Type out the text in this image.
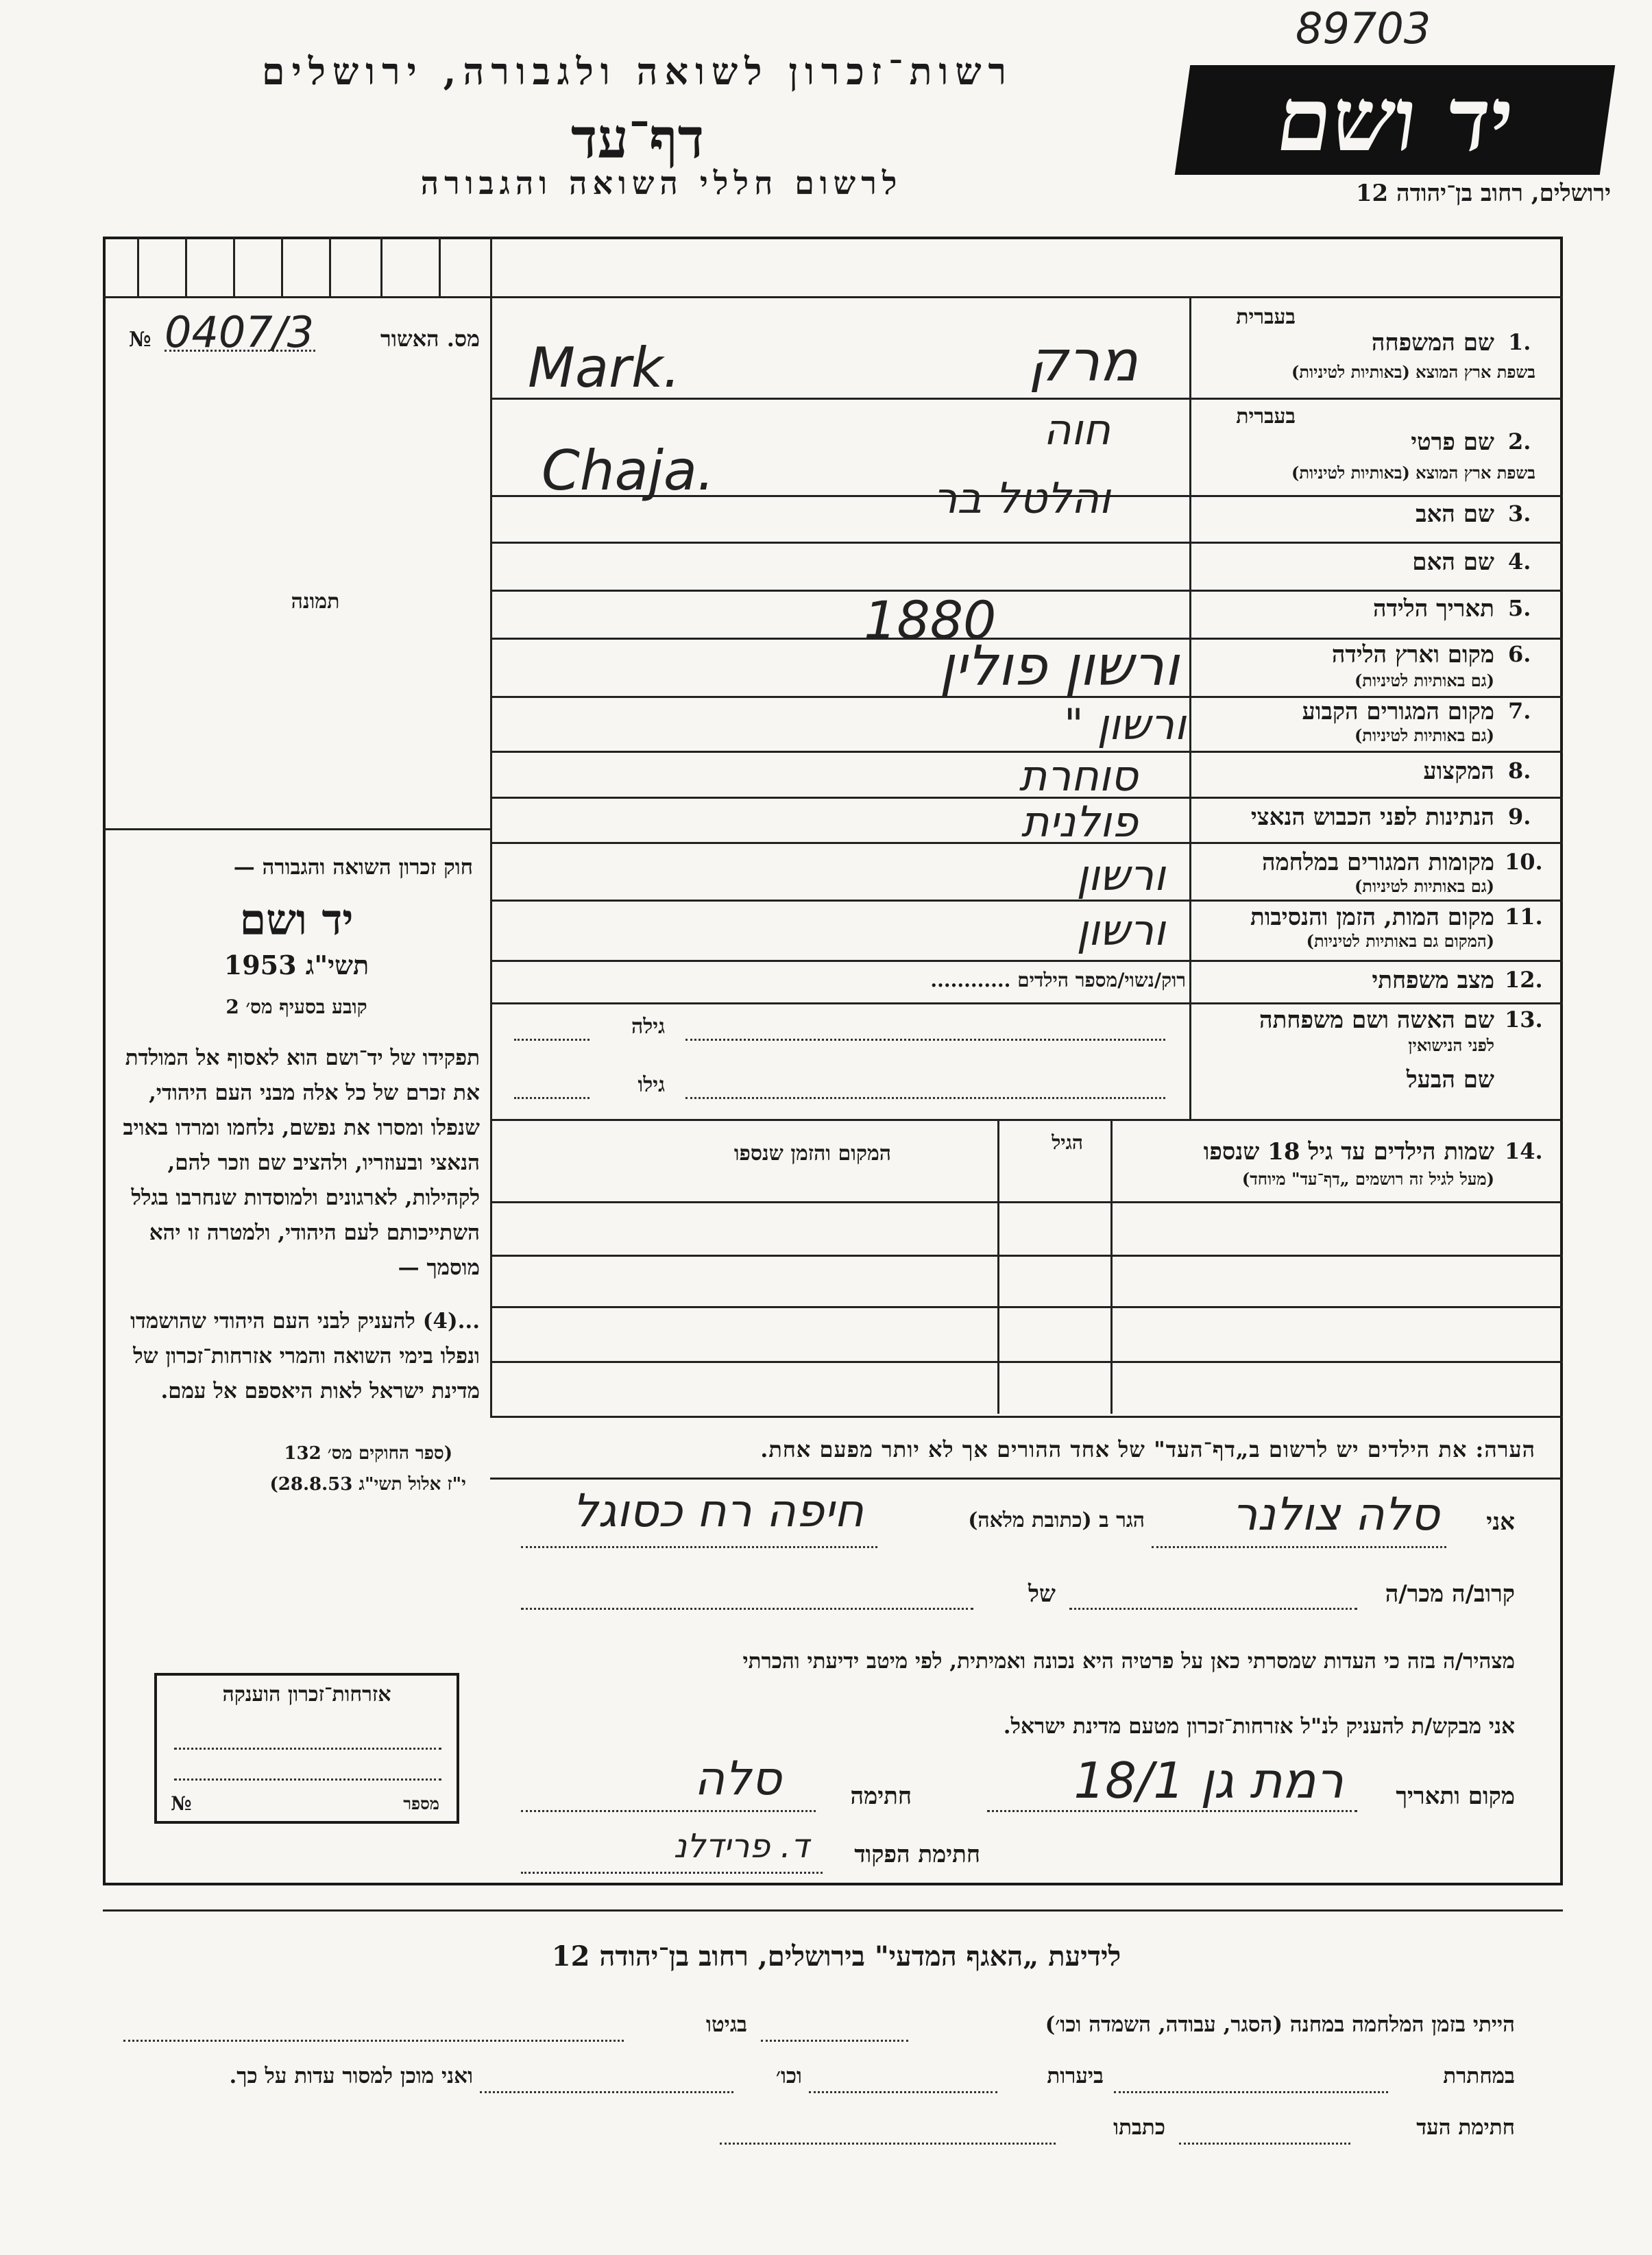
89703
רשות־זכרון לשואה ולגבורה, ירושלים
דף־עד
לרשום חללי השואה והגבורה
יד ושם
ירושלים, רחוב בן־יהודה 12
№ 0407/3	מס. האשור
תמונה
חוק זכרון השואה והגבורה —
יד ושם
תשי"ג 1953
קובע בסעיף מס׳ 2
תפקידו של יד־ושם הוא לאסוף אל המולדת את זכרם של כל אלה מבני העם היהודי, שנפלו ומסרו את נפשם, נלחמו ומרדו באויב הנאצי ובעוזריו, ולהציב שם וזכר להם, לקהילות, לארגונים ולמוסדות שנחרבו בגלל השתייכותם לעם היהודי, ולמטרה זו יהא מוסמך —
...(4) להעניק לבני העם היהודי שהושמדו ונפלו בימי השואה והמרי אזרחות־זכרון של מדינת ישראל לאות היאספם אל עמם.
(ספר החוקים מס׳ 132
י"ז אלול תשי"ג 28.8.53)
בעברית
שם המשפחה 1.
בשפת ארץ המוצא (באותיות לטיניות)
מרק
Mark.
בעברית
שם פרטי 2.
בשפת ארץ המוצא (באותיות לטיניות)
חוה
Chaja.
שם האב 3.
והלטל בר
שם האם 4.
תאריך הלידה 5.
1880
מקום וארץ הלידה 6.
(גם באותיות לטיניות)
ורשון פולין
מקום המגורים הקבוע 7.
(גם באותיות לטיניות)
ורשון "
המקצוע 8.
סוחרת
הנתינות לפני הכבוש הנאצי 9.
פולנית
מקומות המגורים במלחמה 10.
(גם באותיות לטיניות)
ורשון
מקום המות, הזמן והנסיבות 11.
(המקום גם באותיות לטיניות)
ורשון
מצב משפחתי 12.
רוק/נשוי/מספר הילדים ............
שם האשה ושם משפחתה 13.
לפני הנישואין
גילה
שם הבעל
גילו
שמות הילדים עד גיל 18 שנספו 14.
(מעל לגיל זה רושמים „דף־עד" מיוחד)
הגיל
המקום והזמן שנספו
הערה: את הילדים יש לרשום ב„דף־העד" של אחד ההורים אך לא יותר מפעם אחת.
אני
סלה צולנר
הגר ב (כתובת מלאה)
חיפה רח כסוגל
קרוב/ה מכר/ה
של
מצהיר/ה בזה כי העדות שמסרתי כאן על פרטיה היא נכונה ואמיתית, לפי מיטב ידיעתי והכרתי
אני מבקש/ת להעניק לנ"ל אזרחות־זכרון מטעם מדינת ישראל.
מקום ותאריך
רמת גן 18/1
חתימה
סלה
חתימת הפקוד
ד. פרידלנ
אזרחות־זכרון הוענקה
№	מספר
לידיעת „האגף המדעי" בירושלים, רחוב בן־יהודה 12
הייתי בזמן המלחמה במחנה (הסגר, עבודה, השמדה וכו׳)
בגיטו
במחתרת
ביערות
וכו׳
ואני מוכן למסור עדות על כך.
חתימת העד
כתבתו
